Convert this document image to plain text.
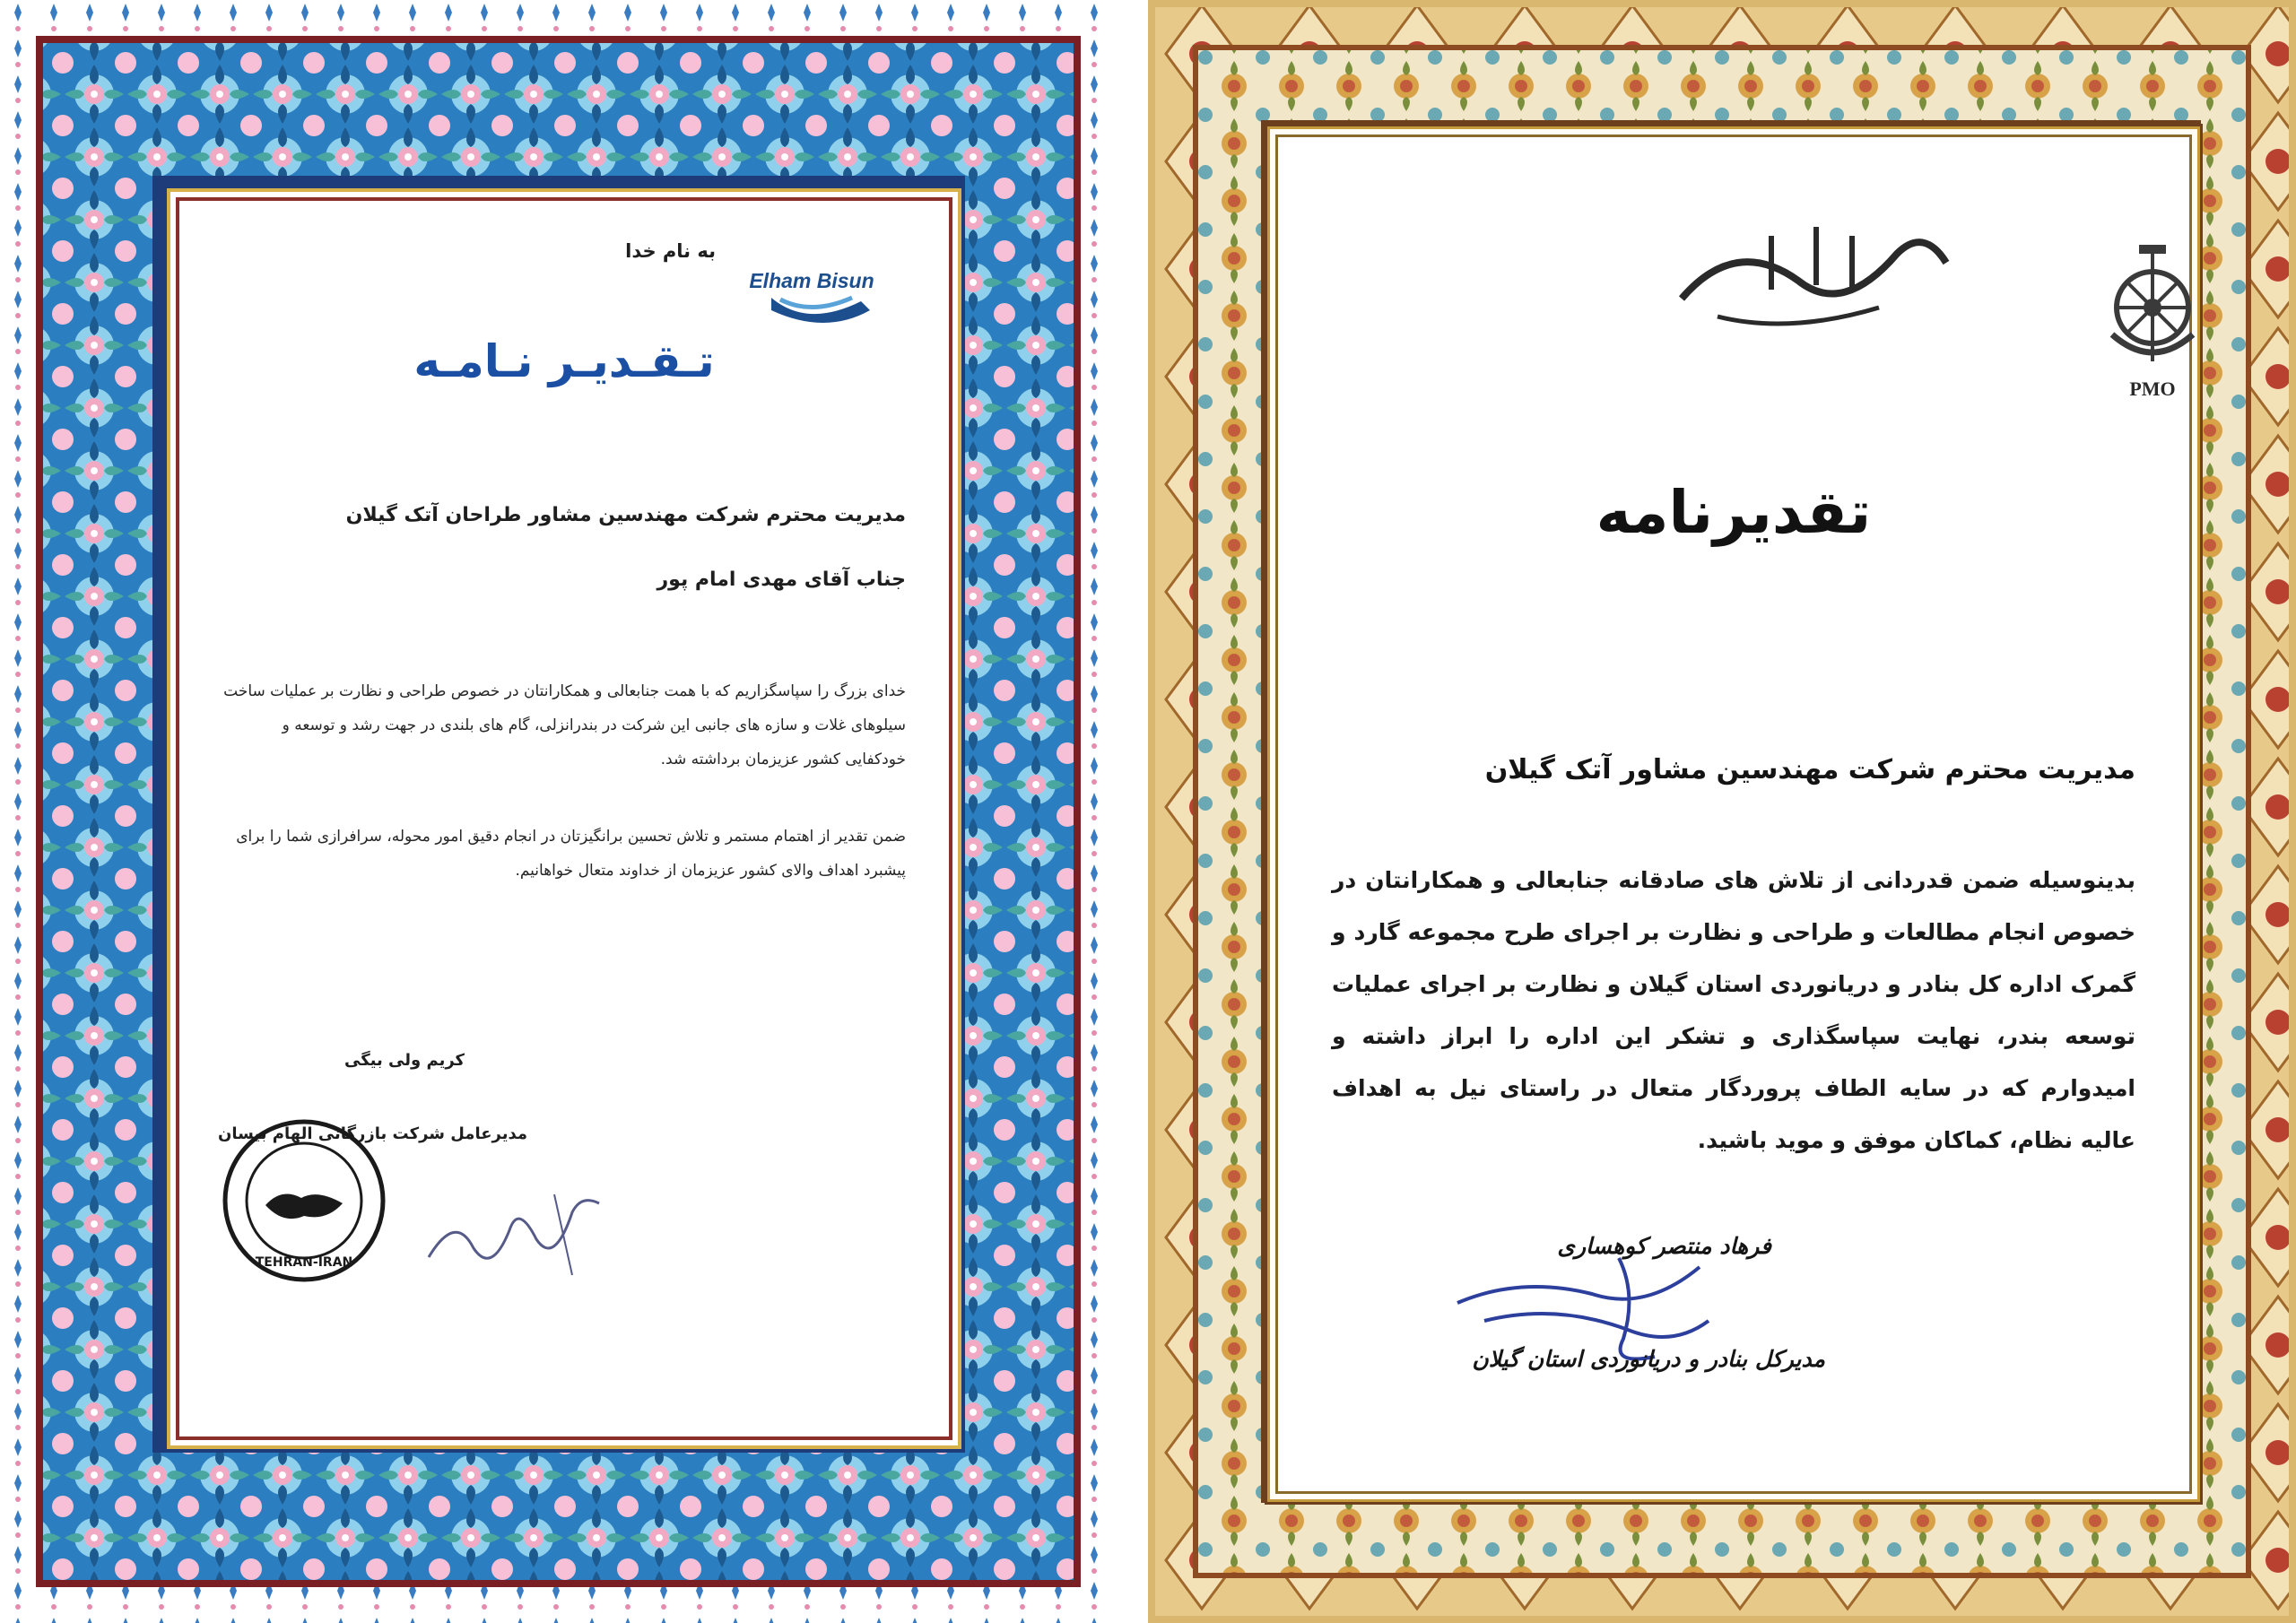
به نام خدا
Elham Bisun
تـقـدیـر نـامـه
مدیریت محترم شرکت مهندسین مشاور طراحان آتک گیلان
جناب آقای مهدی امام پور
خدای بزرگ را سپاسگزاریم که با همت جنابعالی و همکارانتان در خصوص طراحی و نظارت بر عملیات ساخت سیلوهای غلات و سازه های جانبی این شرکت در بندرانزلی، گام های بلندی در جهت رشد و توسعه و خودکفایی کشور عزیزمان برداشته شد.
ضمن تقدیر از اهتمام مستمر و تلاش تحسین برانگیزتان در انجام دقیق امور محوله، سرافرازی شما را برای پیشبرد اهداف والای کشور عزیزمان از خداوند متعال خواهانیم.
کریم ولی بیگی
مدیرعامل شرکت بازرگانی الهام بیسان
TEHRAN-IRAN
بسمه تعالی
PMO
تقدیرنامه
مدیریت محترم شرکت مهندسین مشاور آتک گیلان
بدینوسیله ضمن قدردانی از تلاش های صادقانه جنابعالی و همکارانتان در خصوص انجام مطالعات و طراحی و نظارت بر اجرای طرح مجموعه گارد و گمرک اداره کل بنادر و دریانوردی استان گیلان و نظارت بر اجرای عملیات توسعه بندر، نهایت سپاسگذاری و تشکر این اداره را ابراز داشته و امیدوارم که در سایه الطاف پروردگار متعال در راستای نیل به اهداف عالیه نظام، کماکان موفق و موید باشید.
فرهاد منتصر کوهساری
مدیرکل بنادر و دریانوردی استان گیلان
